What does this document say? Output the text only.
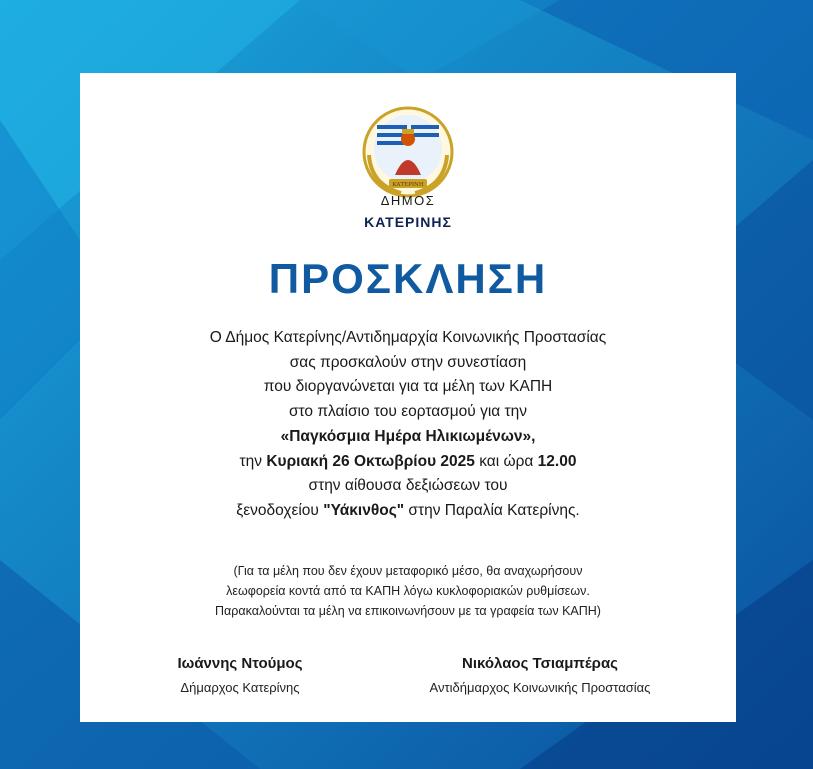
ΚΑΤΕΡΙΝΗ
ΔΗΜΟΣ
ΚΑΤΕΡΙΝΗΣ
ΠΡΟΣΚΛΗΣΗ
Ο Δήμος Κατερίνης/Αντιδημαρχία Κοινωνικής Προστασίας
σας προσκαλούν στην συνεστίαση
που διοργανώνεται για τα μέλη των ΚΑΠΗ
στο πλαίσιο του εορτασμού για την
«Παγκόσμια Ημέρα Ηλικιωμένων»,
την Κυριακή 26 Οκτωβρίου 2025 και ώρα 12.00
στην αίθουσα δεξιώσεων του
ξενοδοχείου "Υάκινθος" στην Παραλία Κατερίνης.
(Για τα μέλη που δεν έχουν μεταφορικό μέσο, θα αναχωρήσουν
λεωφορεία κοντά από τα ΚΑΠΗ λόγω κυκλοφοριακών ρυθμίσεων.
Παρακαλούνται τα μέλη να επικοινωνήσουν με τα γραφεία των ΚΑΠΗ)
Ιωάννης Ντούμος
Δήμαρχος Κατερίνης
Νικόλαος Τσιαμπέρας
Αντιδήμαρχος Κοινωνικής Προστασίας
